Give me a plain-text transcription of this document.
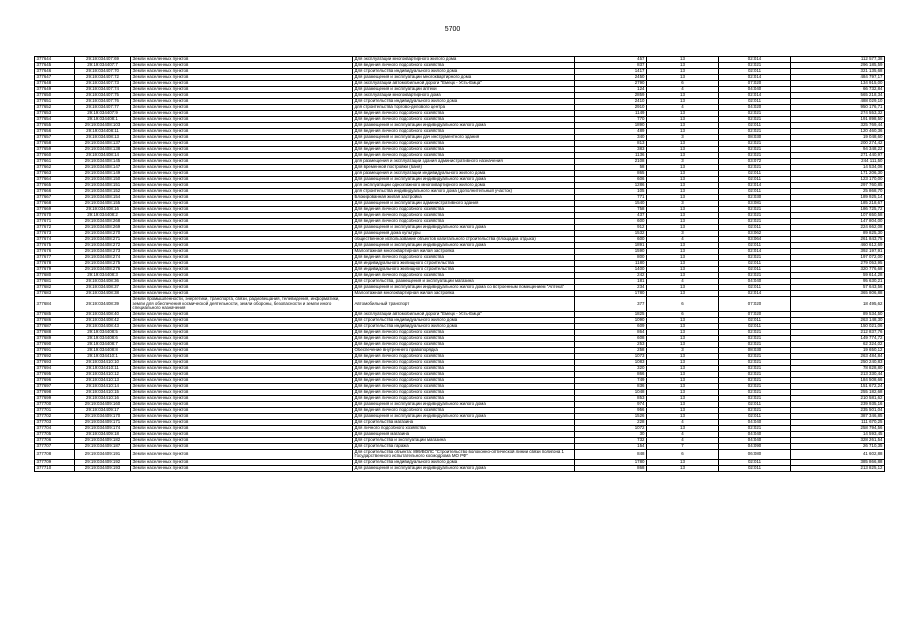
5700
377644	29:19:034407:69	Земли населенных пунктов	Для эксплуатации многоквартирного жилого дома	457	13	02:014	112 577,38
377645	29:19:034407:7	Земли населенных пунктов	Для ведения личного подсобного хозяйства	837	13	02:021	296 185,59
377646	29:19:034407:70	Земли населенных пунктов	Для строительства индивидуального жилого дома	1417	13	02:011	321 135,68
377647	29:19:034407:72	Земли населенных пунктов	Для размещения и эксплуатации многоквартирного дома	2450	13	02:014	484 797,17
377648	29:19:034407:73	Земли населенных пунктов	Для эксплуатации автомобильной дороги "Емецк - Усть-Емца"	2790	6	07:020	134 915,00
377649	29:19:034407:74	Земли населенных пунктов	Для размещения и эксплуатации аптеки	124	4	04:040	66 732,84
377650	29:19:034407:75	Земли населенных пунктов	Для эксплуатации многоквартирного дома	2859	13	02:014	565 218,34
377651	29:19:034407:76	Земли населенных пунктов	Для строительства индивидуального жилого дома	2410	13	02:011	488 029,10
377652	29:19:034407:77	Земли населенных пунктов	для строительства торгово-делового центра	2910	4	04:020	950 176,71
377653	29:19:034407:9	Земли населенных пунктов	Для ведения личного подсобного хозяйства	1149	13	02:021	274 553,32
377654	29:19:034408:1	Земли населенных пунктов	Для ведения личного подсобного хозяйства	770	13	02:021	191 898,50
377655	29:19:034408:103	Земли населенных пунктов	Для размещения и эксплуатации индивидуального жилого дома	1890	13	02:011	325 769,44
377656	29:19:034408:11	Земли населенных пунктов	Для ведения личного подсобного хозяйства	489	13	02:021	120 460,36
377657	29:19:034408:13	Земли населенных пунктов	Для размещения и эксплуатации дач инструментного здания	340	3	08:030	19 048,60
377658	29:19:034408:137	Земли населенных пунктов	Для ведения личного подсобного хозяйства	813	13	02:021	200 274,42
377659	29:19:034408:138	Земли населенных пунктов	Для ведения личного подсобного хозяйства	383	13	02:021	94 348,22
377660	29:19:034408:14	Земли населенных пунктов	Для ведения личного подсобного хозяйства	1136	13	02:021	271 440,97
377661	29:19:034408:145	Земли населенных пунктов	для размещения и эксплуатации здания административного назначения	2108	3	03:072	244 111,50
377662	29:19:034408:147	Земли населенных пунктов	Для временной постройки (баня)	58	13	02:021	14 534,06
377663	29:19:034408:149	Земли населенных пунктов	для размещения и эксплуатации индивидуального жилого дома	865	13	02:011	171 206,30
377664	29:19:034408:150	Земли населенных пунктов	Для размещения и эксплуатации индивидуального жилого дома	606	13	02:011	123 170,00
377665	29:19:034408:151	Земли населенных пунктов	для эксплуатации одноэтажного многоквартирного жилого дома	1286	13	02:014	297 760,85
377666	29:19:034408:152	Земли населенных пунктов	для строительства индивидуального жилого дома (дополнительный участок)	105	13	02:011	25 868,70
377667	29:19:034408:154	Земли населенных пунктов	Блокированная жилая застройка	771	13	02:030	189 925,14
377668	29:19:034408:155	Земли населенных пунктов	Для размещения и эксплуатации административного здания	1540	3	03:081	185 218,67
377669	29:19:034408:16	Земли населенных пунктов	Для ведения личного подсобного хозяйства	758	13	02:021	186 725,72
377670	29:19:034408:2	Земли населенных пунктов	Для ведения личного подсобного хозяйства	437	13	02:021	107 650,58
377671	29:19:034408:268	Земли населенных пунктов	Для ведения личного подсобного хозяйства	600	13	02:021	147 804,00
377672	29:19:034408:269	Земли населенных пунктов	Для размещения и эксплуатации индивидуального жилого дома	912	13	02:011	224 662,08
377673	29:19:034408:270	Земли населенных пунктов	Для размещения дома культуры	1532	3	03:062	89 825,30
377674	29:19:034408:271	Земли населенных пунктов	общественное использование объектов капитального строительства (площадка отдыха)	600	4	03:064	261 843,75
377675	29:19:034408:272	Земли населенных пунктов	Для размещения и эксплуатации индивидуального жилого дома	1891	13	02:011	460 612,69
377676	29:19:034408:273	Земли населенных пунктов	Малоэтажная многоквартирная жилая застройка	1590	13	02:014	392 197,91
377677	29:19:034408:274	Земли населенных пунктов	Для ведения личного подсобного хозяйства	800	13	02:021	197 072,00
377678	29:19:034408:275	Земли населенных пунктов	Для индивидуального жилищного строительства	1180	13	02:011	279 053,95
377679	29:19:034408:276	Земли населенных пунктов	Для индивидуального жилищного строительства	1400	13	02:011	320 776,68
377680	29:19:034408:3	Земли населенных пунктов	Для ведения личного подсобного хозяйства	242	13	02:021	59 614,28
377681	29:19:034408:36	Земли населенных пунктов	Для строительства, размещения и эксплуатации магазина	181	4	04:040	95 630,21
377682	29:19:034408:37	Земли населенных пунктов	Для размещения и эксплуатации индивидуального жилого дома со встроенным помещением "Аптека"	234	13	02:011	57 643,56
377683	29:19:034408:38	Земли населенных пунктов	Малоэтажная многоквартирная жилая застройка	1780	13	02:014	365 806,88
377684	29:19:034408:39	Земли промышленности, энергетики, транспорта, связи, радиовещания, телевидения, информатики, земли для обеспечения космической деятельности, земли обороны, безопасности и земли иного специального назначения	Автомобильный транспорт	377	6	07:020	18 495,62
377685	29:19:034408:40	Земли населенных пунктов	Для эксплуатации автомобильной дороги "Емецк - Усть-Емца"	1825	6	07:020	89 534,50
377686	29:19:034408:42	Земли населенных пунктов	Для строительства индивидуального жилого дома	1090	13	02:011	263 148,30
377687	29:19:034408:43	Земли населенных пунктов	Для строительства индивидуального жилого дома	609	13	02:011	150 021,06
377688	29:19:034408:5	Земли населенных пунктов	Для ведения личного подсобного хозяйства	864	13	02:021	212 837,76
377689	29:19:034408:6	Земли населенных пунктов	Для ведения личного подсобного хозяйства	608	13	02:021	149 774,72
377690	29:19:034408:7	Земли населенных пунктов	Для ведения личного подсобного хозяйства	253	13	02:021	62 324,02
377691	29:19:034408:8	Земли населенных пунктов	Обеспечение внутреннего правопорядка	258	3	08:030	19 650,12
377692	29:19:034410:1	Земли населенных пунктов	Для ведения личного подсобного хозяйства	1073	13	02:021	263 484,84
377693	29:19:034410:10	Земли населенных пунктов	Для ведения личного подсобного хозяйства	1083	13	02:021	250 240,83
377694	29:19:034410:11	Земли населенных пунктов	Для ведения личного подсобного хозяйства	320	13	02:021	78 828,80
377695	29:19:034410:12	Земли населенных пунктов	Для ведения личного подсобного хозяйства	866	13	02:021	213 330,44
377696	29:19:034410:13	Земли населенных пунктов	Для ведения личного подсобного хозяйства	749	13	02:021	184 508,66
377697	29:19:034410:14	Земли населенных пунктов	Для ведения личного подсобного хозяйства	836	13	02:021	151 672,24
377698	29:19:034410:15	Земли населенных пунктов	Для ведения личного подсобного хозяйства	1048	13	02:021	255 182,68
377699	29:19:034410:16	Земли населенных пунктов	Для ведения личного подсобного хозяйства	853	13	02:021	210 581,62
377700	29:19:034409:160	Земли населенных пунктов	Для размещения и эксплуатации индивидуального жилого дома	974	13	02:011	239 935,16
377701	29:19:034409:17	Земли населенных пунктов	Для ведения личного подсобного хозяйства	956	13	02:021	235 501,04
377702	29:19:034409:170	Земли населенных пунктов	Для размещения и эксплуатации индивидуального жилого дома	1526	13	02:011	387 346,85
377703	29:19:034409:171	Земли населенных пунктов	Для строительства магазина	228	4	04:040	111 670,25
377704	29:19:034409:174	Земли населенных пунктов	Для личного подсобного хозяйства	1072	13	02:021	258 794,56
377705	29:19:034409:18	Земли населенных пунктов	Для размещения магазина	30	4	04:040	14 593,45
377706	29:19:034409:182	Земли населенных пунктов	Для строительства и эксплуатации магазина	732	4	04:040	328 261,54
377707	29:19:034409:187	Земли населенных пунктов	Для строительства гаража	154	7	04:090	26 710,35
377708	29:19:034409:191	Земли населенных пунктов	Для строительства объекта: 899/ВОЛС "Строительство волоконно-оптической линии связи полигона 1 Государственного испытательного космодрома МО РФ"	848	6	06:080	41 602,88
377709	29:19:034409:192	Земли населенных пунктов	Для строительства индивидуального жилого дома	1780	13	02:011	385 866,88
377710	29:19:034409:193	Земли населенных пунктов	Для размещения и эксплуатации индивидуального жилого дома	868	13	02:011	213 825,12
